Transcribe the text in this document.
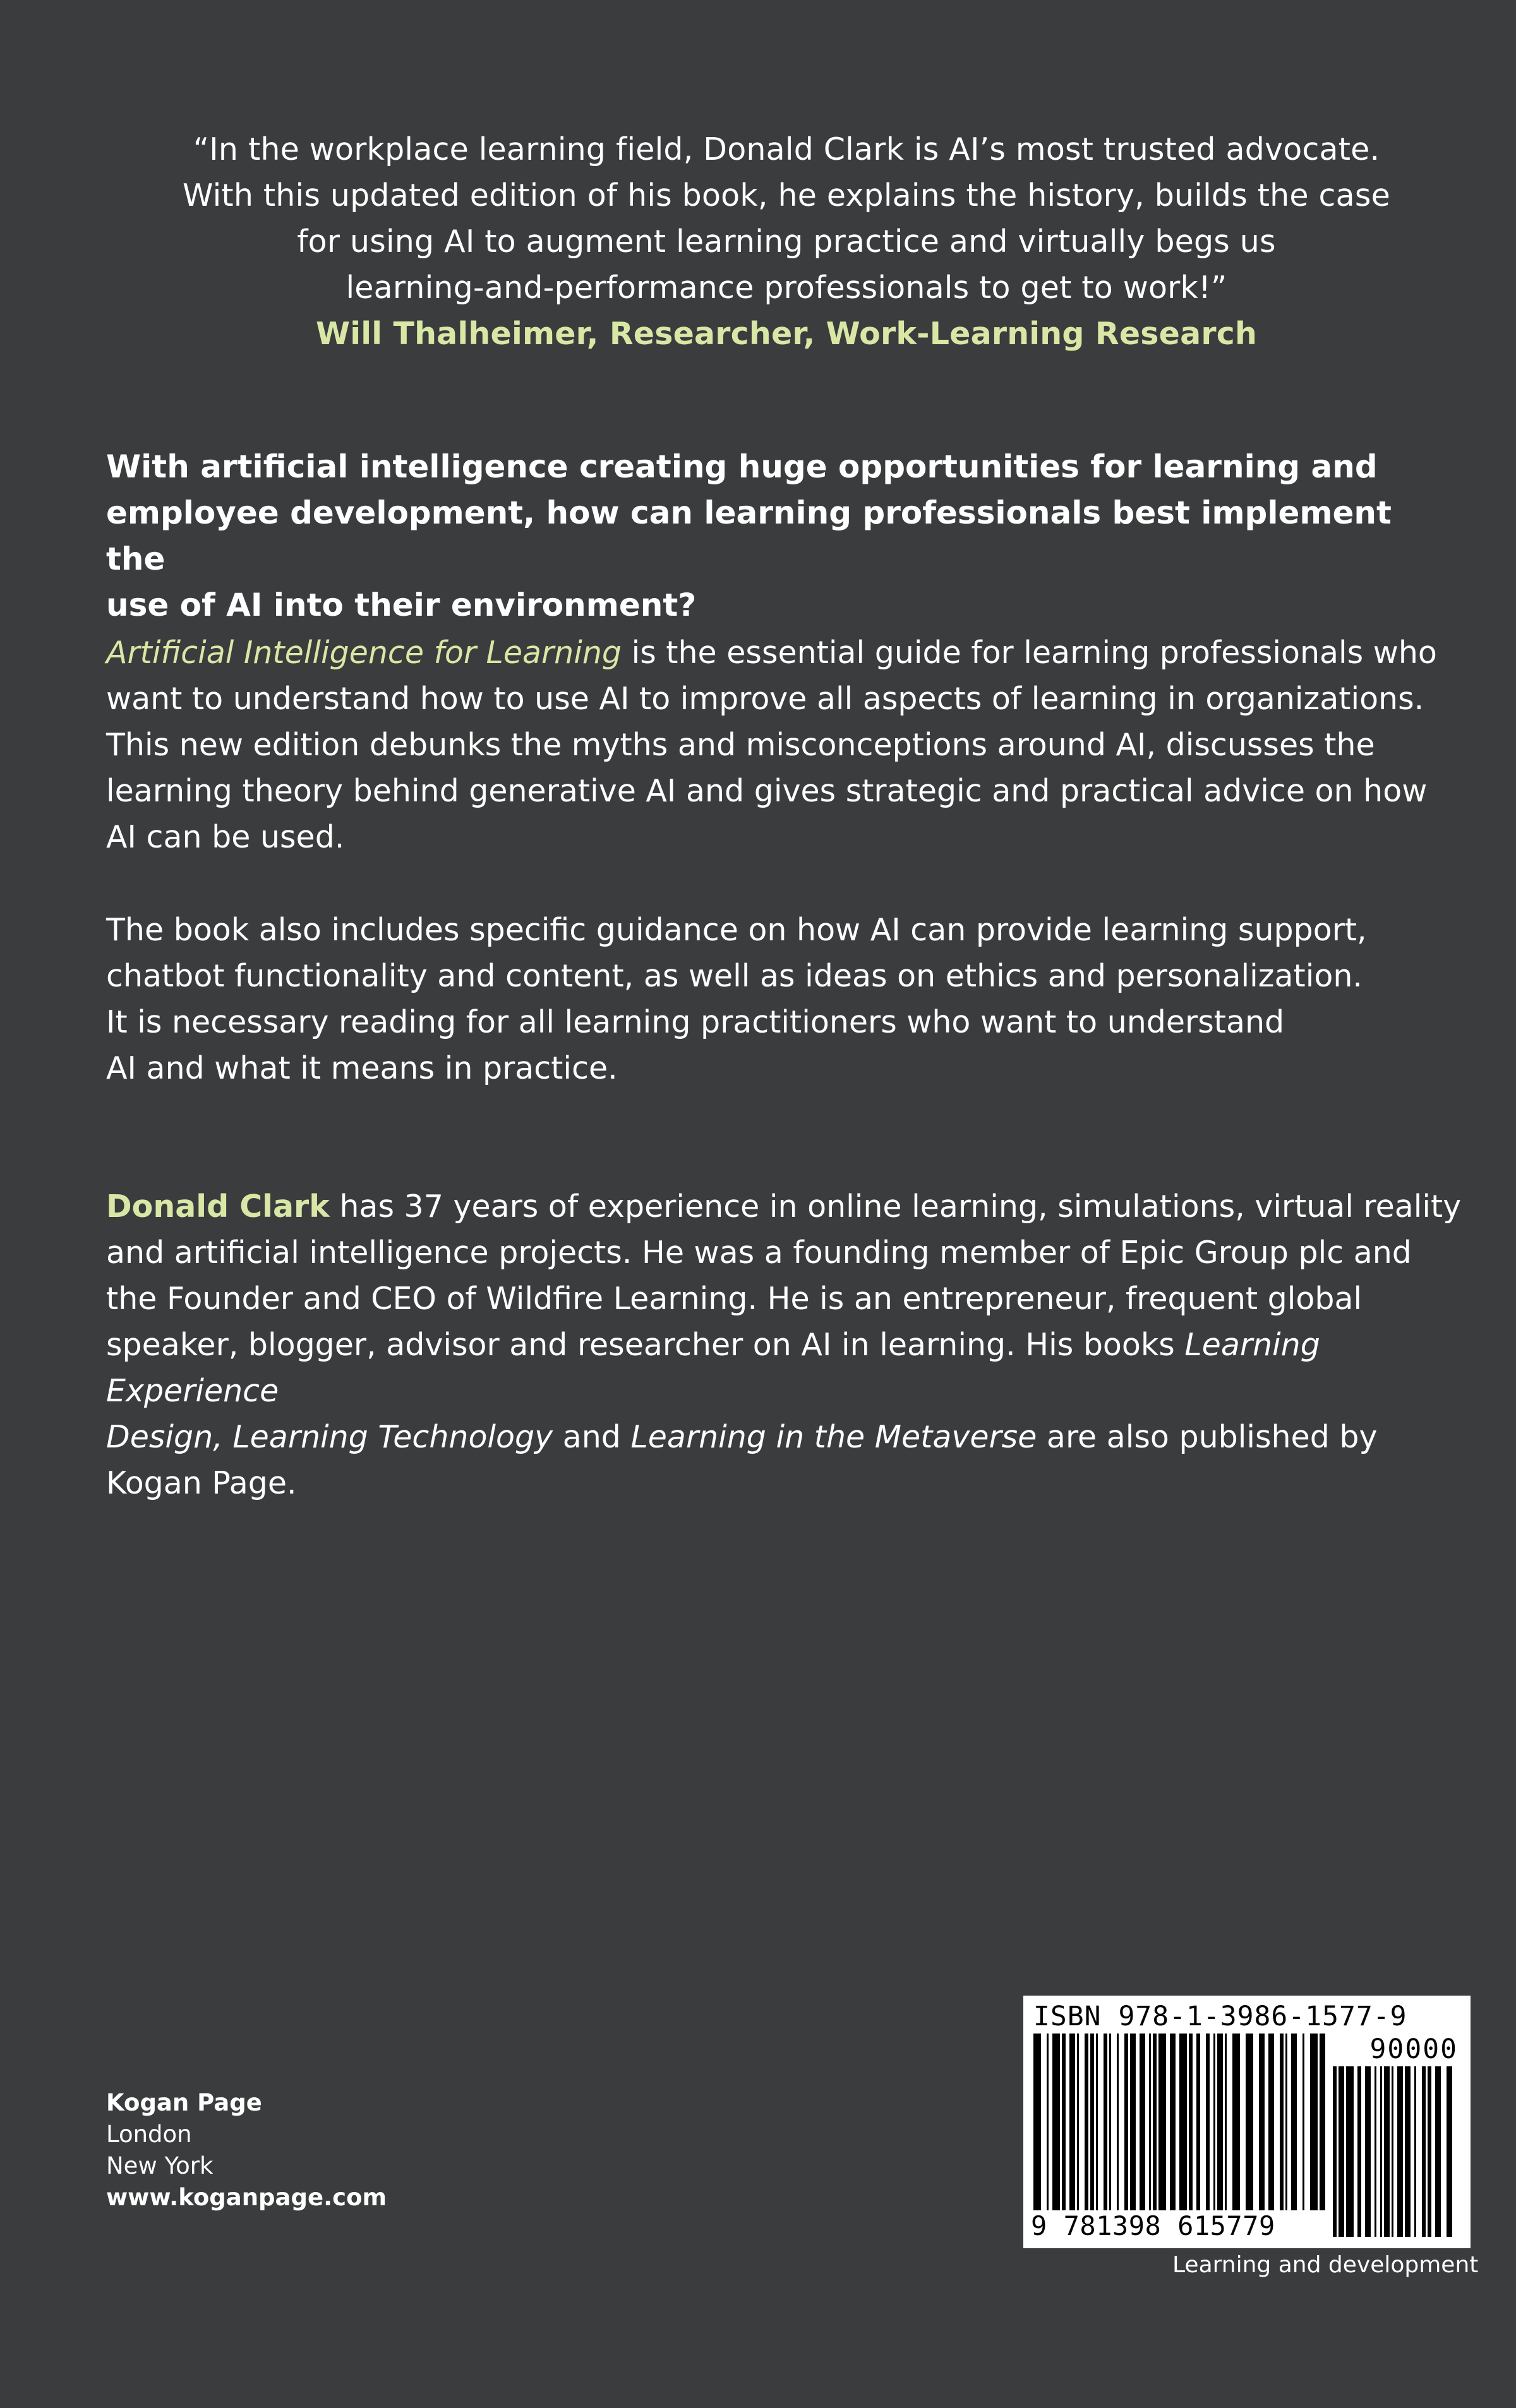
“In the workplace learning field, Donald Clark is AI’s most trusted advocate.
With this updated edition of his book, he explains the history, builds the case
for using AI to augment learning practice and virtually begs us
learning-and-performance professionals to get to work!”
Will Thalheimer, Researcher, Work-Learning Research
With artificial intelligence creating huge opportunities for learning and
employee development, how can learning professionals best implement the
use of AI into their environment?
Artificial Intelligence for Learning is the essential guide for learning professionals who
want to understand how to use AI to improve all aspects of learning in organizations.
This new edition debunks the myths and misconceptions around AI, discusses the
learning theory behind generative AI and gives strategic and practical advice on how
AI can be used.
The book also includes specific guidance on how AI can provide learning support,
chatbot functionality and content, as well as ideas on ethics and personalization.
It is necessary reading for all learning practitioners who want to understand
AI and what it means in practice.
Donald Clark has 37 years of experience in online learning, simulations, virtual reality
and artificial intelligence projects. He was a founding member of Epic Group plc and
the Founder and CEO of Wildfire Learning. He is an entrepreneur, frequent global
speaker, blogger, advisor and researcher on AI in learning. His books Learning Experience
Design, Learning Technology and Learning in the Metaverse are also published by
Kogan Page.
Kogan Page
London
New York
www.koganpage.com
ISBN 978-1-3986-1577-9
90000
9 781398 615779
Learning and development
